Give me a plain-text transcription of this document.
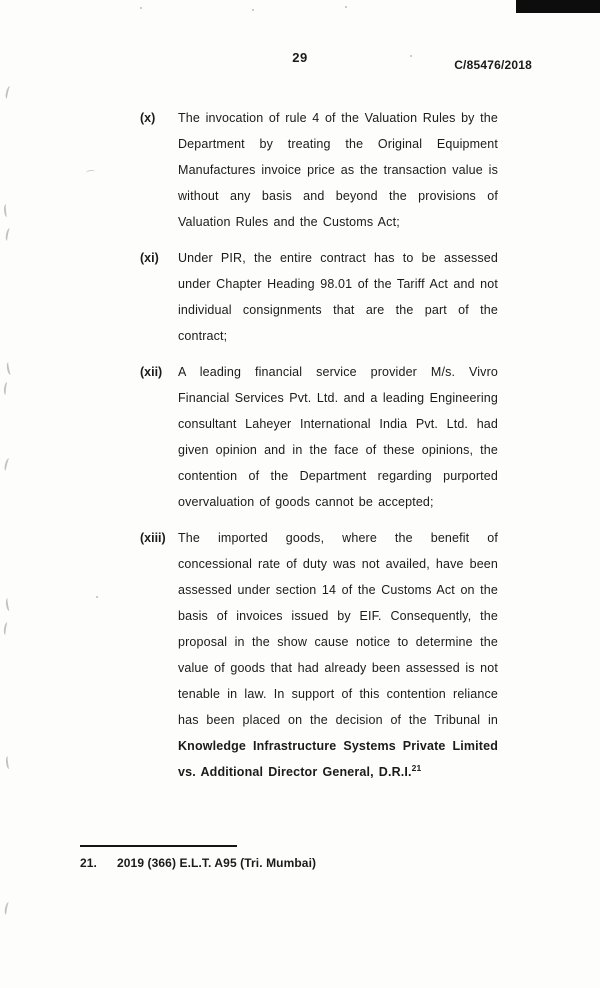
29	C/85476/2018
(x)	The invocation of rule 4 of the Valuation Rules by the Department by treating the Original Equipment Manufactures invoice price as the transaction value is without any basis and beyond the provisions of Valuation Rules and the Customs Act;

(xi)	Under PIR, the entire contract has to be assessed under Chapter Heading 98.01 of the Tariff Act and not individual consignments that are the part of the contract;

(xii)	A leading financial service provider M/s. Vivro Financial Services Pvt. Ltd. and a leading Engineering consultant Laheyer International India Pvt. Ltd. had given opinion and in the face of these opinions, the contention of the Department regarding purported overvaluation of goods cannot be accepted;

(xiii) The imported goods, where the benefit of concessional rate of duty was not availed, have been assessed under section 14 of the Customs Act on the basis of invoices issued by EIF. Consequently, the proposal in the show cause notice to determine the value of goods that had already been assessed is not tenable in law. In support of this contention reliance has been placed on the decision of the Tribunal in Knowledge Infrastructure Systems Private Limited vs. Additional Director General, D.R.I.$^{21}$

21. 2019 (366) E.L.T. A95 (Tri. Mumbai)
